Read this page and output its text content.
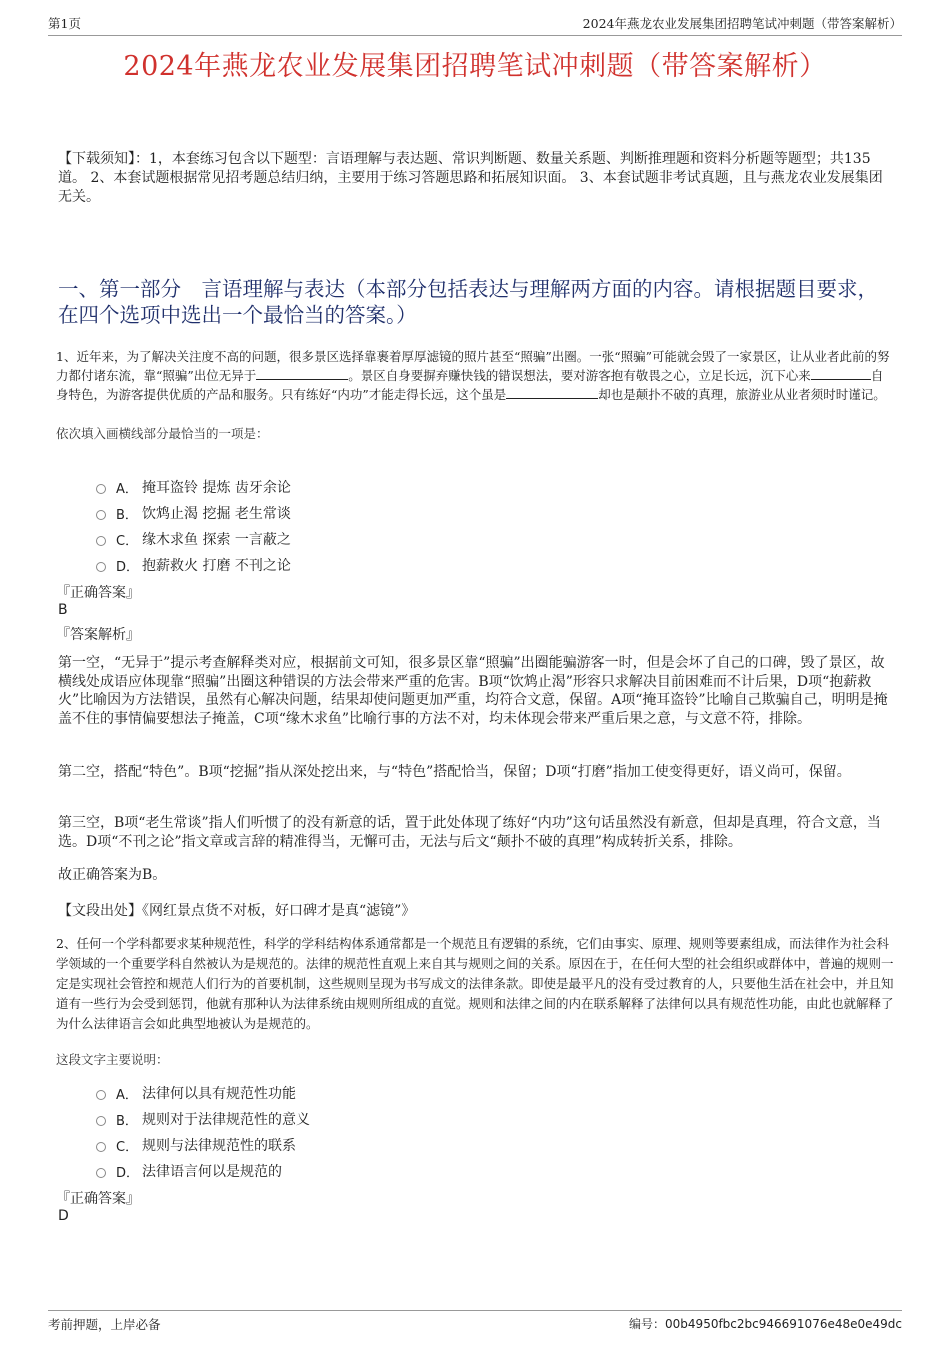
第1页	2024年燕龙农业发展集团招聘笔试冲刺题（带答案解析）
2024年燕龙农业发展集团招聘笔试冲刺题（带答案解析）
【下载须知】：1，本套练习包含以下题型：言语理解与表达题、常识判断题、数量关系题、判断推理题和资料分析题等题型；共135道。 2、本套试题根据常见招考题总结归纳，主要用于练习答题思路和拓展知识面。 3、本套试题非考试真题，且与燕龙农业发展集团无关。
一、第一部分　言语理解与表达（本部分包括表达与理解两方面的内容。请根据题目要求，在四个选项中选出一个最恰当的答案。）
1、近年来，为了解决关注度不高的问题，很多景区选择靠裹着厚厚滤镜的照片甚至“照骗”出圈。一张“照骗”可能就会毁了一家景区，让从业者此前的努力都付诸东流，靠“照骗”出位无异于	。景区自身要摒弃赚快钱的错误想法，要对游客抱有敬畏之心，立足长远，沉下心来	自身特色，为游客提供优质的产品和服务。只有练好“内功”才能走得长远，这个虽是	却也是颠扑不破的真理，旅游业从业者须时时谨记。
依次填入画横线部分最恰当的一项是：
A． 掩耳盗铃 提炼 齿牙余论
B． 饮鸩止渴 挖掘 老生常谈
C． 缘木求鱼 探索 一言蔽之
D． 抱薪救火 打磨 不刊之论
『正确答案』
B
『答案解析』
第一空，“无异于”提示考查解释类对应，根据前文可知，很多景区靠“照骗”出圈能骗游客一时，但是会坏了自己的口碑，毁了景区，故横线处成语应体现靠“照骗”出圈这种错误的方法会带来严重的危害。B项“饮鸩止渴”形容只求解决目前困难而不计后果，D项“抱薪救火”比喻因为方法错误，虽然有心解决问题，结果却使问题更加严重，均符合文意，保留。A项“掩耳盗铃”比喻自己欺骗自己，明明是掩盖不住的事情偏要想法子掩盖，C项“缘木求鱼”比喻行事的方法不对，均未体现会带来严重后果之意，与文意不符，排除。
第二空，搭配“特色”。B项“挖掘”指从深处挖出来，与“特色”搭配恰当，保留；D项“打磨”指加工使变得更好，语义尚可，保留。
第三空，B项“老生常谈”指人们听惯了的没有新意的话，置于此处体现了练好“内功”这句话虽然没有新意，但却是真理，符合文意，当选。D项“不刊之论”指文章或言辞的精准得当，无懈可击，无法与后文“颠扑不破的真理”构成转折关系，排除。
故正确答案为B。
【文段出处】《网红景点货不对板，好口碑才是真“滤镜”》
2、任何一个学科都要求某种规范性，科学的学科结构体系通常都是一个规范且有逻辑的系统，它们由事实、原理、规则等要素组成，而法律作为社会科学领域的一个重要学科自然被认为是规范的。法律的规范性直观上来自其与规则之间的关系。原因在于，在任何大型的社会组织或群体中，普遍的规则一定是实现社会管控和规范人们行为的首要机制，这些规则呈现为书写成文的法律条款。即使是最平凡的没有受过教育的人，只要他生活在社会中，并且知道有一些行为会受到惩罚，他就有那种认为法律系统由规则所组成的直觉。规则和法律之间的内在联系解释了法律何以具有规范性功能，由此也就解释了为什么法律语言会如此典型地被认为是规范的。
这段文字主要说明：
A． 法律何以具有规范性功能
B． 规则对于法律规范性的意义
C． 规则与法律规范性的联系
D． 法律语言何以是规范的
『正确答案』
D
考前押题，上岸必备	编号：00b4950fbc2bc946691076e48e0e49dc
